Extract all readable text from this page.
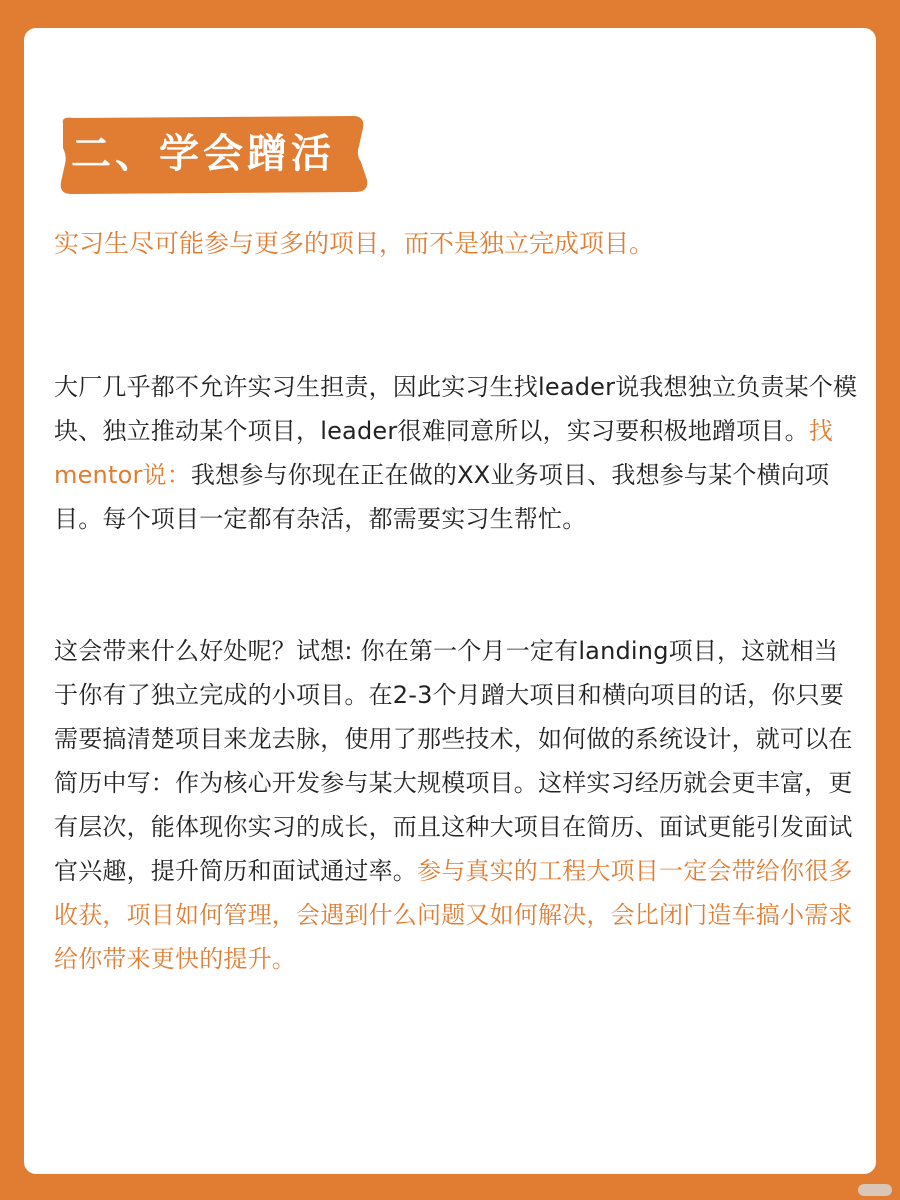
二、学会蹭活
实习生尽可能参与更多的项目，而不是独立完成项目。
大厂几乎都不允许实习生担责，因此实习生找leader说我想独立负责某个模块、独立推动某个项目，leader很难同意所以，实习要积极地蹭项目。找mentor说：我想参与你现在正在做的XX业务项目、我想参与某个横向项目。每个项目一定都有杂活，都需要实习生帮忙。
这会带来什么好处呢？试想: 你在第一个月一定有landing项目，这就相当于你有了独立完成的小项目。在2-3个月蹭大项目和横向项目的话，你只要需要搞清楚项目来龙去脉，使用了那些技术，如何做的系统设计，就可以在简历中写：作为核心开发参与某大规模项目。这样实习经历就会更丰富，更有层次，能体现你实习的成长，而且这种大项目在简历、面试更能引发面试官兴趣，提升简历和面试通过率。参与真实的工程大项目一定会带给你很多收获，项目如何管理，会遇到什么问题又如何解决，会比闭门造车搞小需求给你带来更快的提升。
